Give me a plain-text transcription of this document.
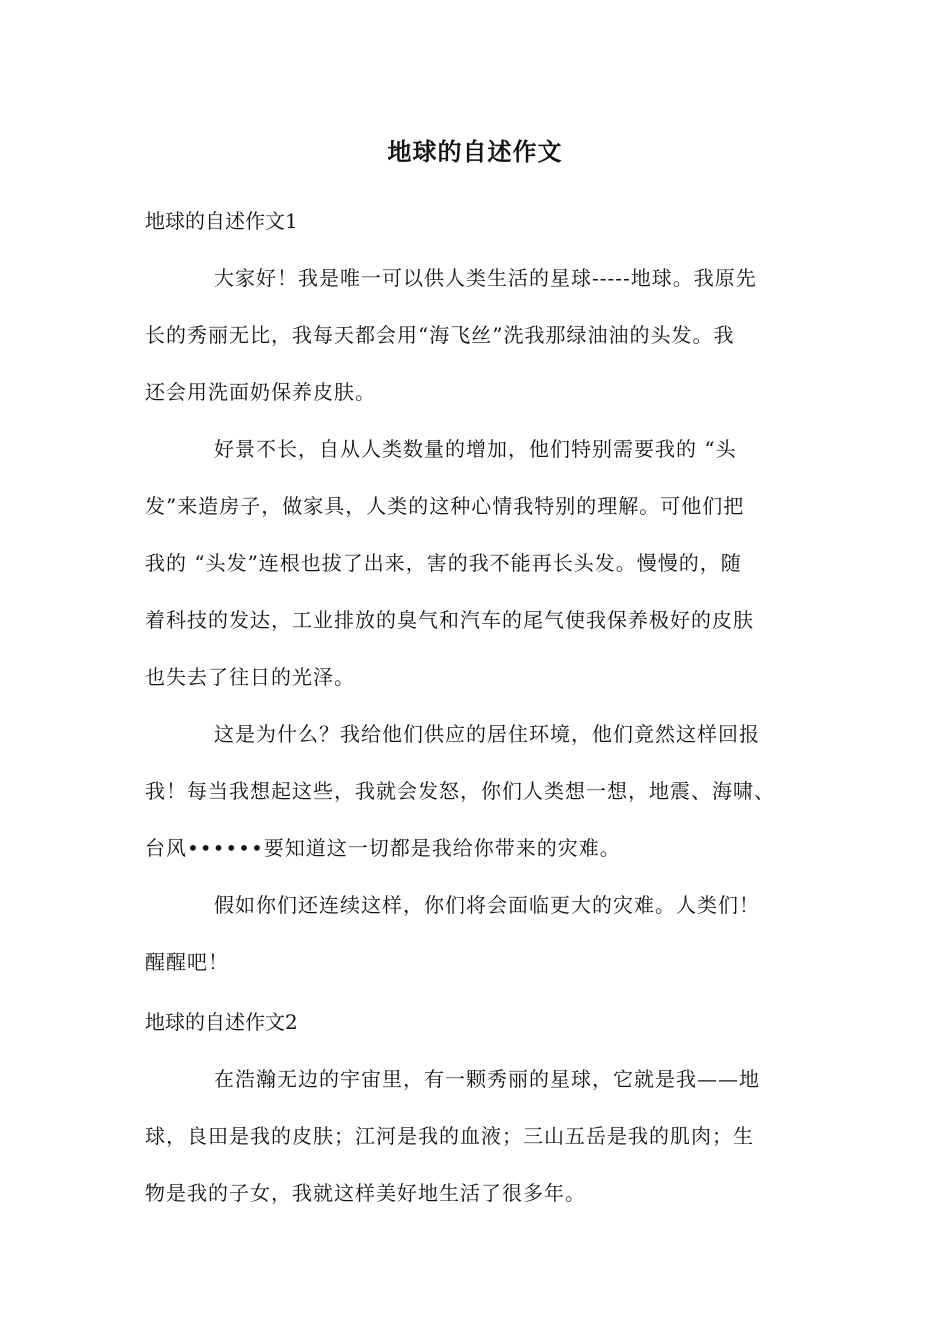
地球的自述作文
地球的自述作文1
大家好！我是唯一可以供人类生活的星球-----地球。我原先
长的秀丽无比，我每天都会用“海飞丝”洗我那绿油油的头发。我
还会用洗面奶保养皮肤。
好景不长，自从人类数量的增加，他们特别需要我的 “头
发”来造房子，做家具，人类的这种心情我特别的理解。可他们把
我的 “头发”连根也拔了出来，害的我不能再长头发。慢慢的，随
着科技的发达，工业排放的臭气和汽车的尾气使我保养极好的皮肤
也失去了往日的光泽。
这是为什么？我给他们供应的居住环境，他们竟然这样回报
我！每当我想起这些，我就会发怒，你们人类想一想，地震、海啸、
台风••••••要知道这一切都是我给你带来的灾难。
假如你们还连续这样，你们将会面临更大的灾难。人类们！
醒醒吧！
地球的自述作文2
在浩瀚无边的宇宙里，有一颗秀丽的星球，它就是我——地
球，良田是我的皮肤；江河是我的血液；三山五岳是我的肌肉；生
物是我的子女，我就这样美好地生活了很多年。
